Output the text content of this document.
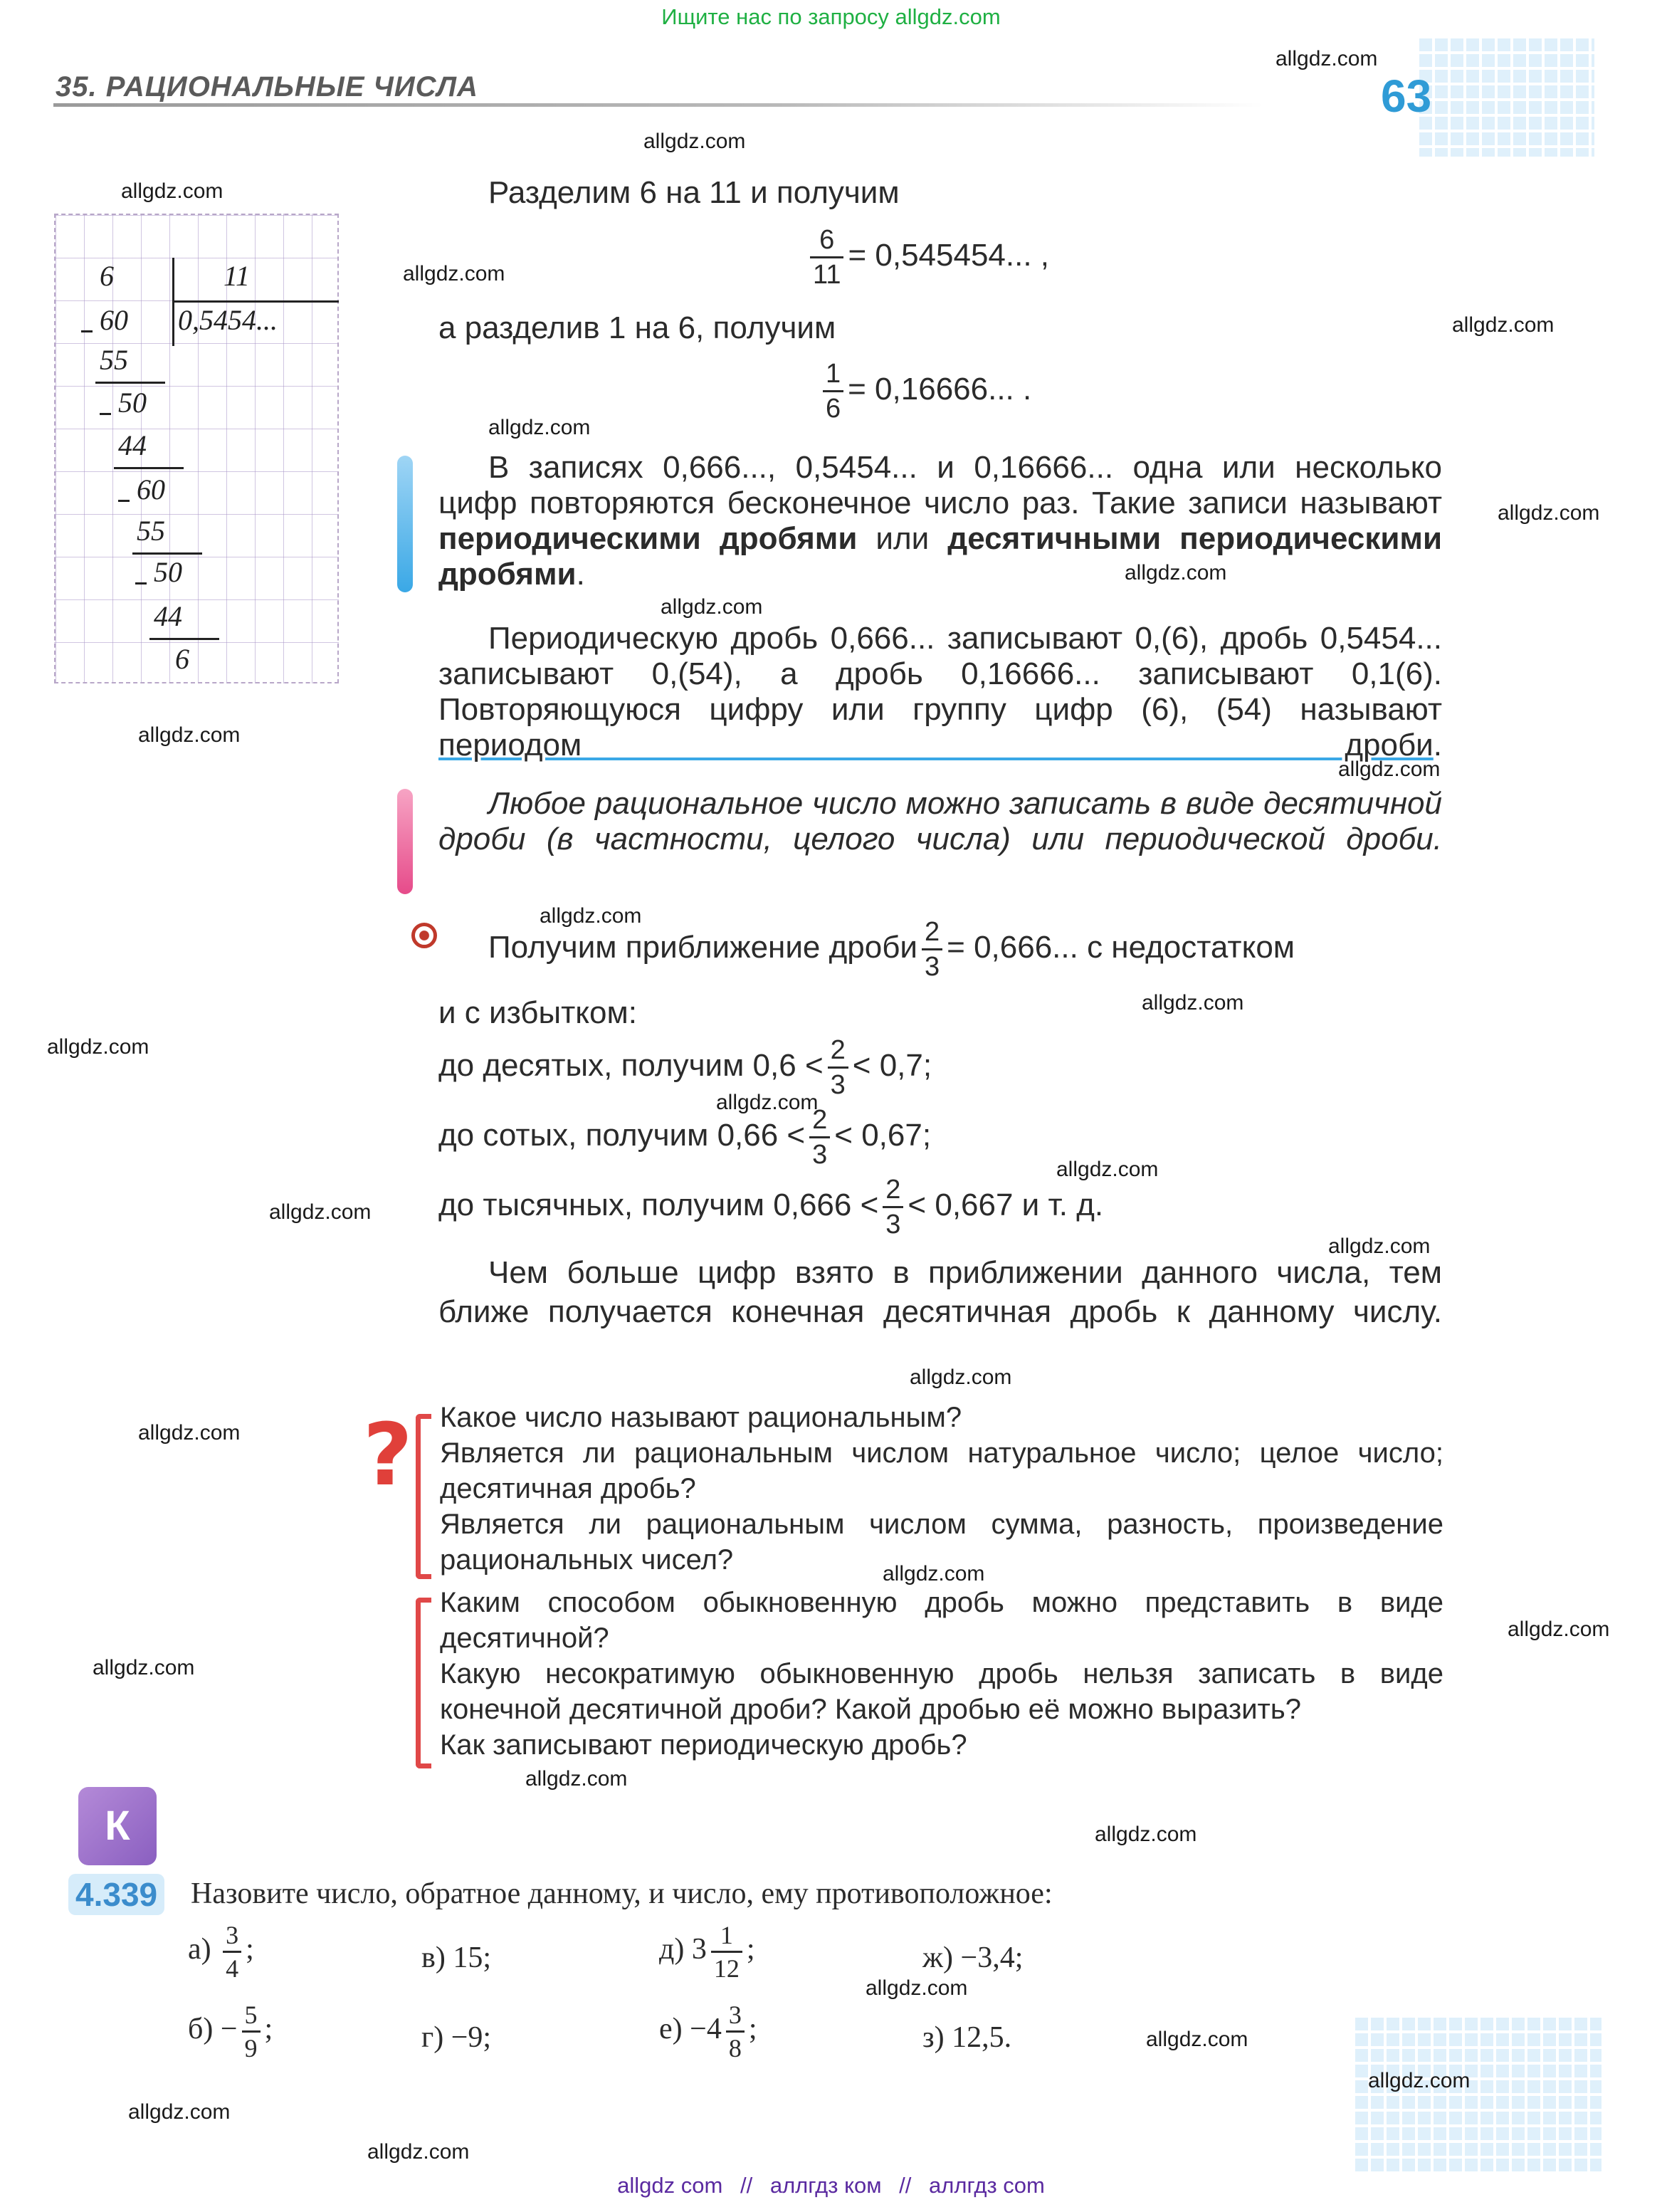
Ищите нас по запросу allgdz.com
35. РАЦИОНАЛЬНЫЕ ЧИСЛА	63
6	11
0,5454...
60
55
50
44
60
55
50
44
6
Разделим 6 на 11 и получим
$\frac{6}{11} = 0,545454$... ,
а разделив 1 на 6, получим
$\frac{1}{6} = 0,16666$... .
В записях 0,666..., 0,5454... и 0,16666... одна или несколько цифр повторяются бесконечное число раз. Такие записи называют периодическими дробями или десятичными периодическими дробями.
Периодическую дробь 0,666... записывают 0,(6), дробь 0,5454... записывают 0,(54), а дробь 0,16666... записывают 0,1(6). Повторяющуюся цифру или группу цифр (6), (54) называют периодом дроби.
Любое рациональное число можно записать в виде десятичной дроби (в частности, целого числа) или периодической дроби.
Получим приближение дроби $\frac{2}{3} = 0,666$... с недостатком
и с избытком:
до десятых, получим $0,6 < \frac{2}{3} < 0,7$;
до сотых, получим $0,66 < \frac{2}{3} < 0,67$;
до тысячных, получим $0,666 < \frac{2}{3} < 0,667$ и т. д.
Чем больше цифр взято в приближении данного числа, тем ближе получается конечная десятичная дробь к данному числу.
? Какое число называют рациональным?
Является ли рациональным числом натуральное число; целое число; десятичная дробь?
Является ли рациональным числом сумма, разность, произведение рациональных чисел?
Каким способом обыкновенную дробь можно представить в виде десятичной?
Какую несократимую обыкновенную дробь нельзя записать в виде конечной десятичной дроби? Какой дробью её можно выразить?
Как записывают периодическую дробь?
К
4.339 Назовите число, обратное данному, и число, ему противоположное:
$а) \frac{3}{4}$ ;
$б) - \frac{5}{9}$ ;
в) 15;
г) −9;
д) $3 \frac{1}{12}$ ;
$е) -4 \frac{3}{8}$ ;
ж) −3,4;
з) 12,5.
allgdz.com
allgdz.com
allgdz.com
allgdz.com
allgdz.com
allgdz.com
allgdz.com
allgdz.com
allgdz.com
allgdz.com
allgdz.com
allgdz.com
allgdz.com
allgdz.com
allgdz.com
allgdz.com
allgdz.com
allgdz.com
allgdz.com
allgdz.com
allgdz.com
allgdz.com
allgdz.com
allgdz.com
allgdz.com
allgdz.com
allgdz.com
allgdz.com
allgdz.com
allgdz.com
allgdz com // аллгдз ком // аллгдз com
